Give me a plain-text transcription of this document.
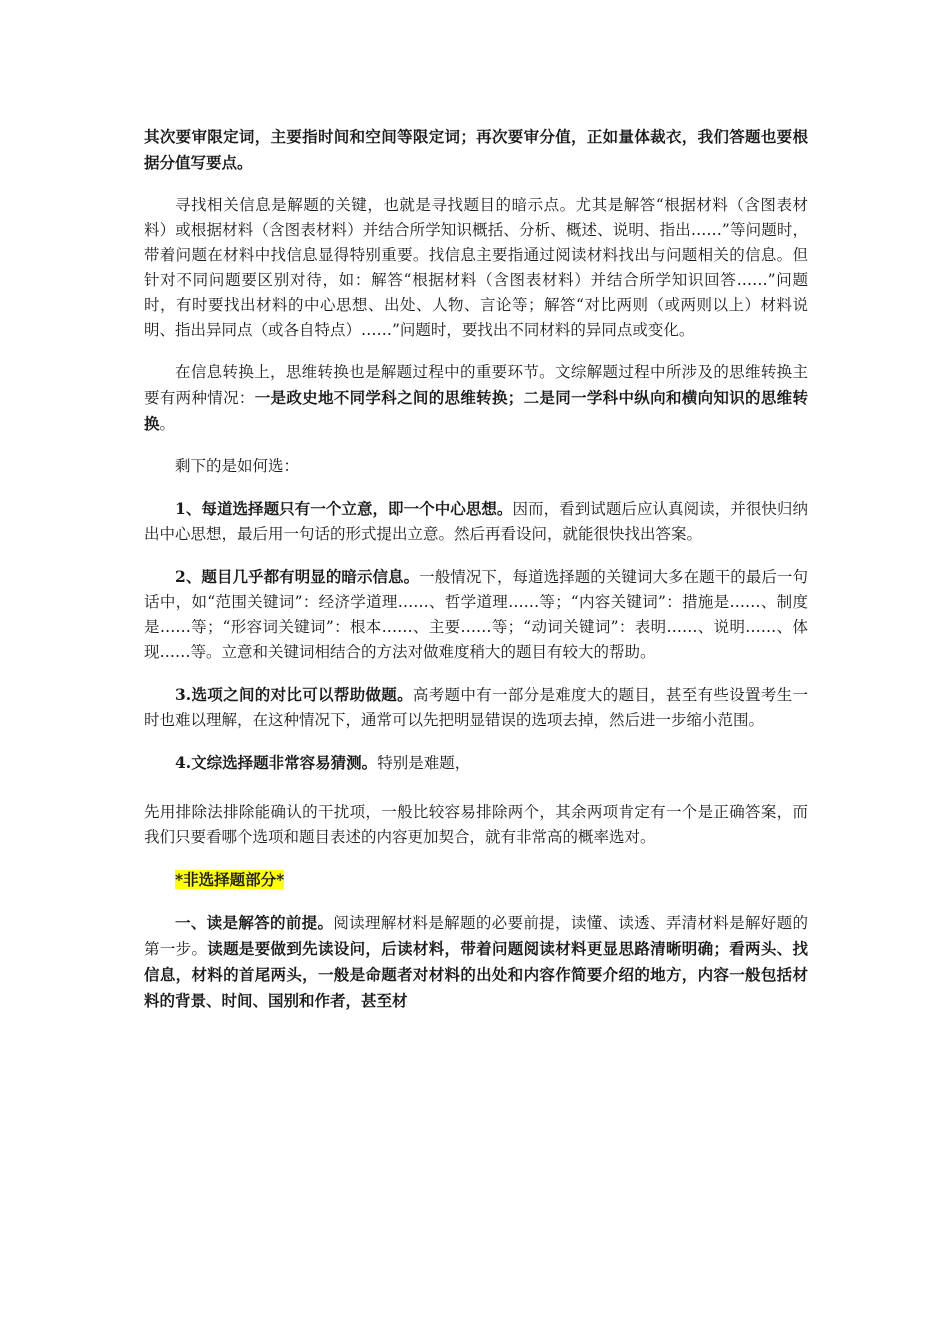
其次要审限定词，主要指时间和空间等限定词；再次要审分值，正如量体裁衣，我们答题也要根据分值写要点。

寻找相关信息是解题的关键，也就是寻找题目的暗示点。尤其是解答“根据材料（含图表材料）或根据材料（含图表材料）并结合所学知识概括、分析、概述、说明、指出……”等问题时，带着问题在材料中找信息显得特别重要。找信息主要指通过阅读材料找出与问题相关的信息。但针对不同问题要区别对待，如：解答“根据材料（含图表材料）并结合所学知识回答……”问题时，有时要找出材料的中心思想、出处、人物、言论等；解答“对比两则（或两则以上）材料说明、指出异同点（或各自特点）……”问题时，要找出不同材料的异同点或变化。

在信息转换上，思维转换也是解题过程中的重要环节。文综解题过程中所涉及的思维转换主要有两种情况：一是政史地不同学科之间的思维转换；二是同一学科中纵向和横向知识的思维转换。

剩下的是如何选：

1、每道选择题只有一个立意，即一个中心思想。因而，看到试题后应认真阅读，并很快归纳出中心思想，最后用一句话的形式提出立意。然后再看设问，就能很快找出答案。

2、题目几乎都有明显的暗示信息。一般情况下，每道选择题的关键词大多在题干的最后一句话中，如“范围关键词”：经济学道理……、哲学道理……等；“内容关键词”：措施是……、制度是……等；“形容词关键词”：根本……、主要……等；“动词关键词”：表明……、说明……、体现……等。立意和关键词相结合的方法对做难度稍大的题目有较大的帮助。

3.选项之间的对比可以帮助做题。高考题中有一部分是难度大的题目，甚至有些设置考生一时也难以理解，在这种情况下，通常可以先把明显错误的选项去掉，然后进一步缩小范围。

4.文综选择题非常容易猜测。特别是难题，

先用排除法排除能确认的干扰项，一般比较容易排除两个，其余两项肯定有一个是正确答案，而我们只要看哪个选项和题目表述的内容更加契合，就有非常高的概率选对。

*非选择题部分*

一、读是解答的前提。阅读理解材料是解题的必要前提，读懂、读透、弄清材料是解好题的第一步。读题是要做到先读设问，后读材料，带着问题阅读材料更显思路清晰明确；看两头、找信息，材料的首尾两头，一般是命题者对材料的出处和内容作简要介绍的地方，内容一般包括材料的背景、时间、国别和作者，甚至材
